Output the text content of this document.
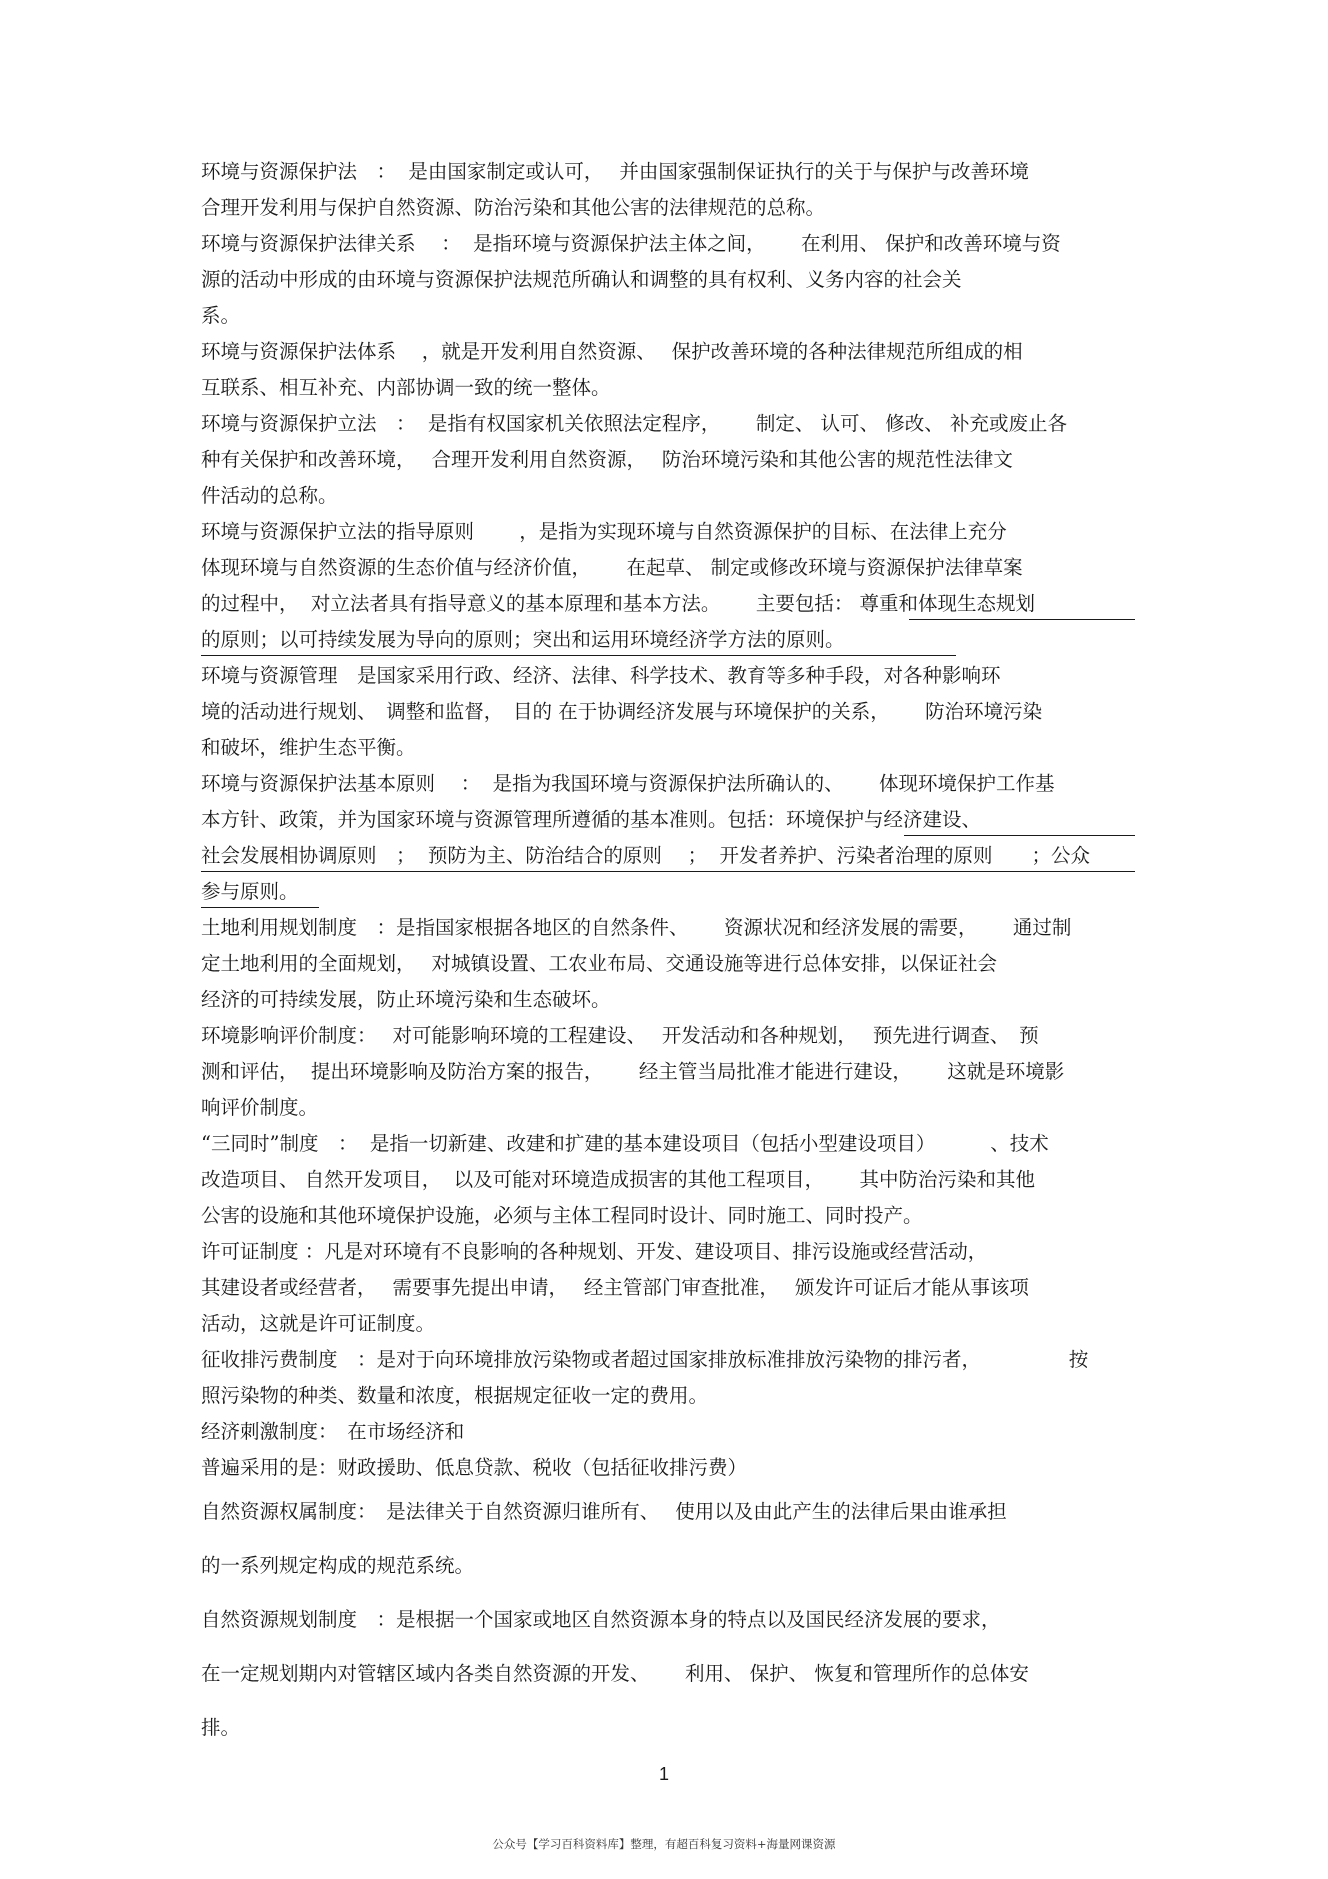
环境与资源保护法　：  是由国家制定或认可，　 并由国家强制保证执行的关于与保护与改善环境
合理开发利用与保护自然资源、防治污染和其他公害的法律规范的总称。
环境与资源保护法律关系　 ：  是指环境与资源保护法主体之间，　　 在利用、 保护和改善环境与资
源的活动中形成的由环境与资源保护法规范所确认和调整的具有权利、义务内容的社会关
系。
环境与资源保护法体系　 ，就是开发利用自然资源、　 保护改善环境的各种法律规范所组成的相
互联系、相互补充、内部协调一致的统一整体。
环境与资源保护立法　：  是指有权国家机关依照法定程序，　　 制定、 认可、 修改、 补充或废止各
种有关保护和改善环境，　 合理开发利用自然资源，　 防治环境污染和其他公害的规范性法律文
件活动的总称。
环境与资源保护立法的指导原则　　 ，是指为实现环境与自然资源保护的目标、在法律上充分
体现环境与自然资源的生态价值与经济价值，　　 在起草、 制定或修改环境与资源保护法律草案
的过程中，  对立法者具有指导意义的基本原理和基本方法。　　 主要包括： 尊重和体现生态规划
的原则；以可持续发展为导向的原则；突出和运用环境经济学方法的原则。
环境与资源管理　是国家采用行政、经济、法律、科学技术、教育等多种手段，对各种影响环
境的活动进行规划、　调整和监督，　目的 在于协调经济发展与环境保护的关系，　　 防治环境污染
和破坏，维护生态平衡。
环境与资源保护法基本原则　 ：  是指为我国环境与资源保护法所确认的、　　 体现环境保护工作基
本方针、政策，并为国家环境与资源管理所遵循的基本准则。包括：环境保护与经济建设、
社会发展相协调原则　；  预防为主、防治结合的原则　 ；  开发者养护、污染者治理的原则　　；公众
参与原则。
土地利用规划制度　：是指国家根据各地区的自然条件、　　 资源状况和经济发展的需要，　　 通过制
定土地利用的全面规划，　 对城镇设置、工农业布局、交通设施等进行总体安排，以保证社会
经济的可持续发展，防止环境污染和生态破坏。
环境影响评价制度：　 对可能影响环境的工程建设、　 开发活动和各种规划，　 预先进行调查、　预
测和评估，  提出环境影响及防治方案的报告，　　 经主管当局批准才能进行建设，　　 这就是环境影
响评价制度。
“三同时”制度　：  是指一切新建、改建和扩建的基本建设项目（包括小型建设项目）　　　 、技术
改造项目、 自然开发项目，  以及可能对环境造成损害的其他工程项目，　　 其中防治污染和其他
公害的设施和其他环境保护设施，必须与主体工程同时设计、同时施工、同时投产。
许可证制度 ：凡是对环境有不良影响的各种规划、开发、建设项目、排污设施或经营活动，
其建设者或经营者，　 需要事先提出申请，　 经主管部门审查批准，　 颁发许可证后才能从事该项
活动，这就是许可证制度。
征收排污费制度　：是对于向环境排放污染物或者超过国家排放标准排放污染物的排污者，　　　　　按
照污染物的种类、数量和浓度，根据规定征收一定的费用。
经济刺激制度：　在市场经济和
普遍采用的是：财政援助、低息贷款、税收（包括征收排污费）
自然资源权属制度：　是法律关于自然资源归谁所有、　 使用以及由此产生的法律后果由谁承担
的一系列规定构成的规范系统。
自然资源规划制度　：是根据一个国家或地区自然资源本身的特点以及国民经济发展的要求，
在一定规划期内对管辖区域内各类自然资源的开发、　　 利用、 保护、 恢复和管理所作的总体安
排。
1
公众号【学习百科资料库】整理，有超百科复习资料+海量网课资源
